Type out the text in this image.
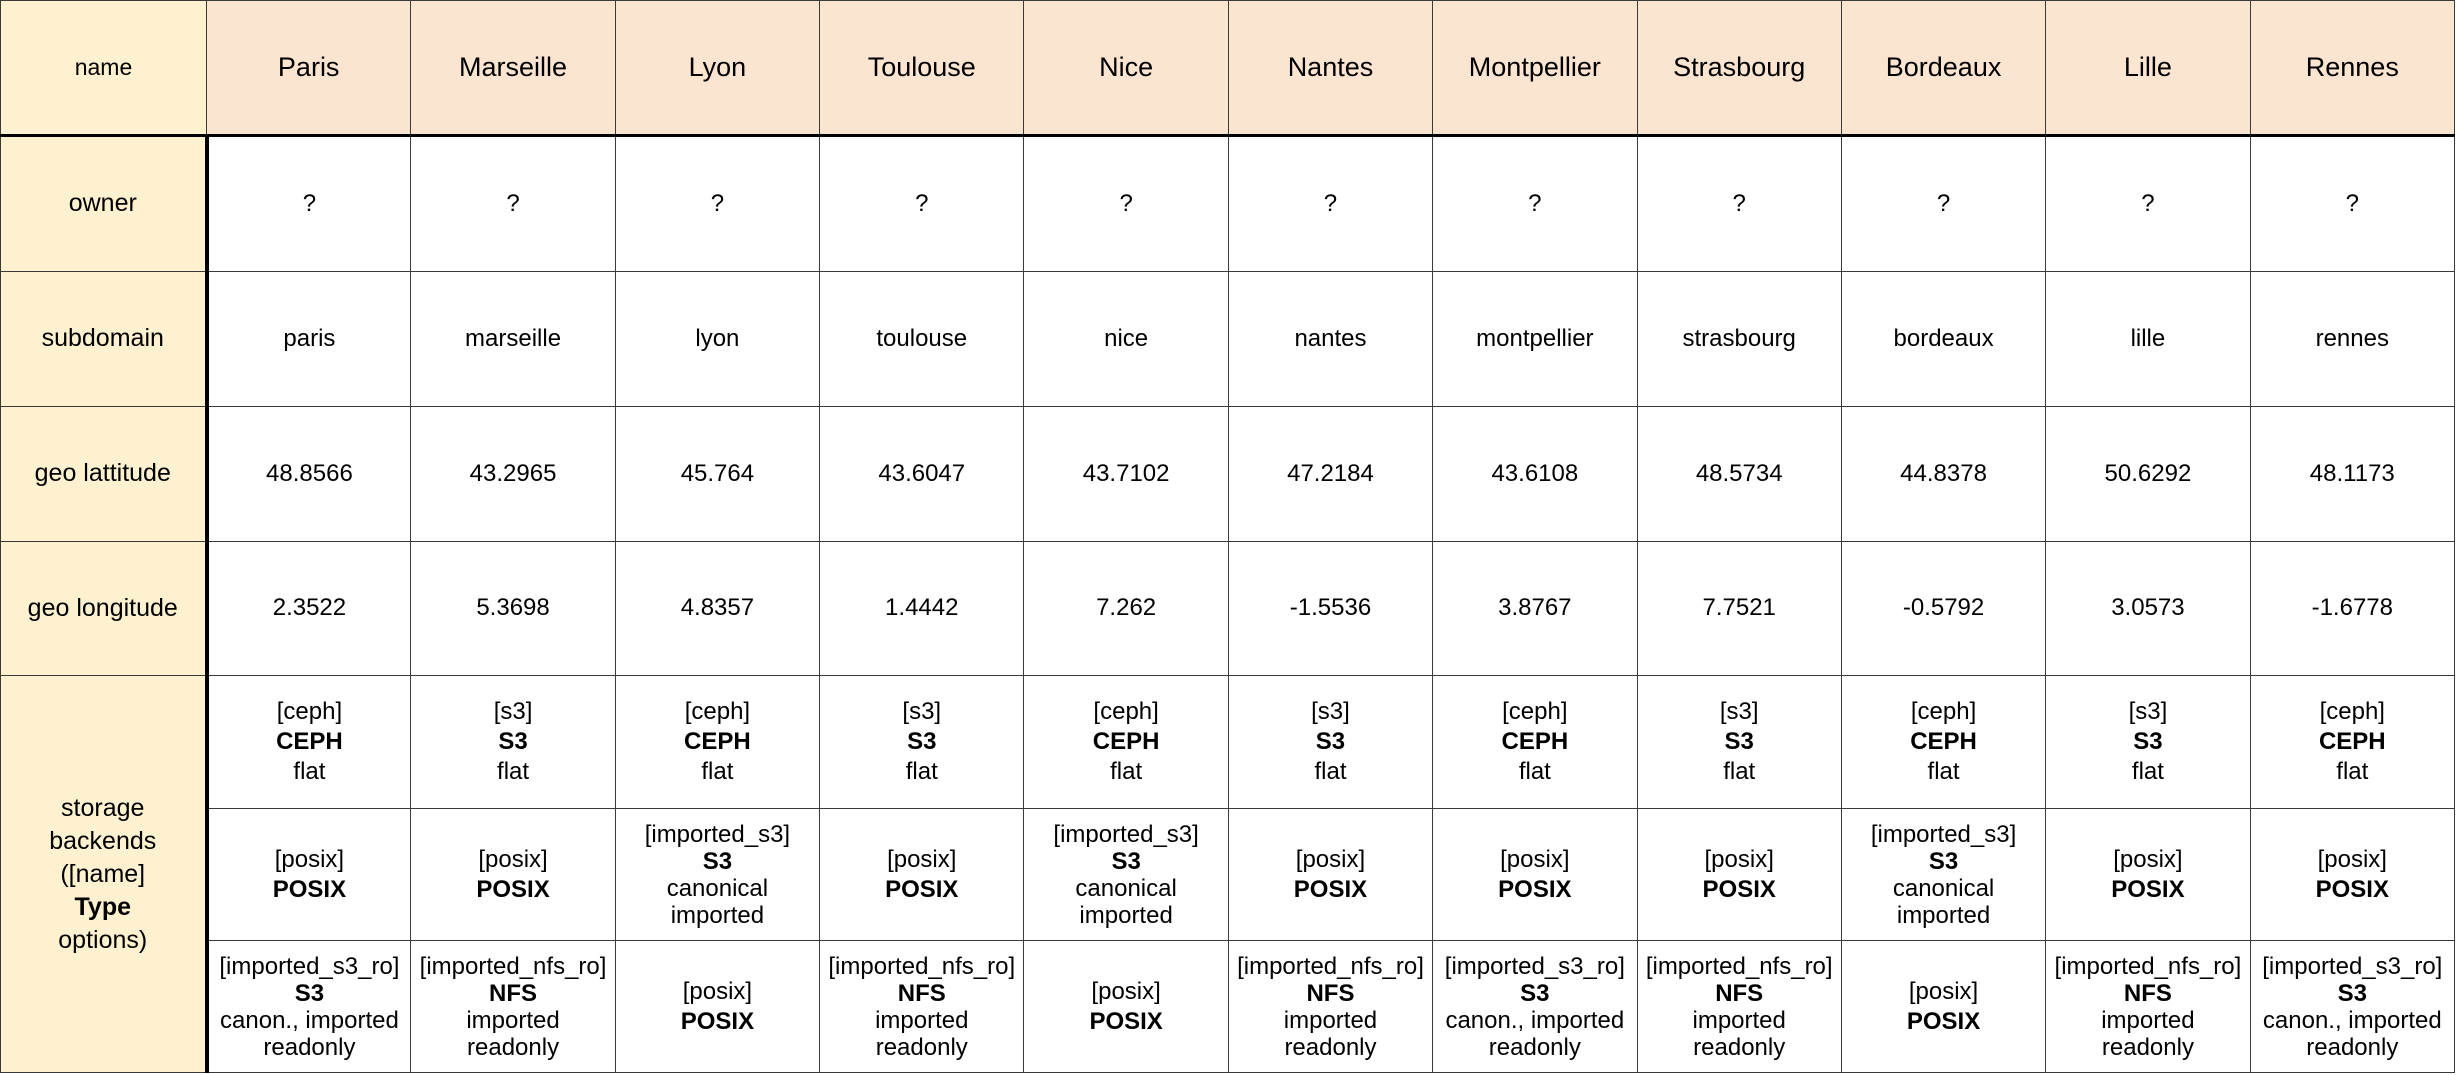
name	Paris	Marseille	Lyon	Toulouse	Nice	Nantes	Montpellier	Strasbourg	Bordeaux	Lille	Rennes
owner	?	?	?	?	?	?	?	?	?	?	?
subdomain	paris	marseille	lyon	toulouse	nice	nantes	montpellier	strasbourg	bordeaux	lille	rennes
geo lattitude	48.8566	43.2965	45.764	43.6047	43.7102	47.2184	43.6108	48.5734	44.8378	50.6292	48.1173
geo longitude	2.3522	5.3698	4.8357	1.4442	7.262	-1.5536	3.8767	7.7521	-0.5792	3.0573	-1.6778

storage
backends
([name]
Type
options)	[ceph]
CEPH
flat	[s3]
S3
flat	[ceph]
CEPH
flat	[s3]
S3
flat	[ceph]
CEPH
flat	[s3]
S3
flat	[ceph]
CEPH
flat	[s3]
S3
flat	[ceph]
CEPH
flat	[s3]
S3
flat	[ceph]
CEPH
flat

	[posix]
POSIX	[posix]
POSIX	[imported_s3]
S3
canonical
imported	[posix]
POSIX	[imported_s3]
S3
canonical
imported	[posix]
POSIX	[posix]
POSIX	[posix]
POSIX	[imported_s3]
S3
canonical
imported	[posix]
POSIX	[posix]
POSIX

	[imported_s3_ro]
S3
canon., imported
readonly	[imported_nfs_ro]
NFS
imported
readonly	[posix]
POSIX	[imported_nfs_ro]
NFS
imported
readonly	[posix]
POSIX	[imported_nfs_ro]
NFS
imported
readonly	[imported_s3_ro]
S3
canon., imported
readonly	[imported_nfs_ro]
NFS
imported
readonly	[posix]
POSIX	[imported_nfs_ro]
NFS
imported
readonly	[imported_s3_ro]
S3
canon., imported
readonly
